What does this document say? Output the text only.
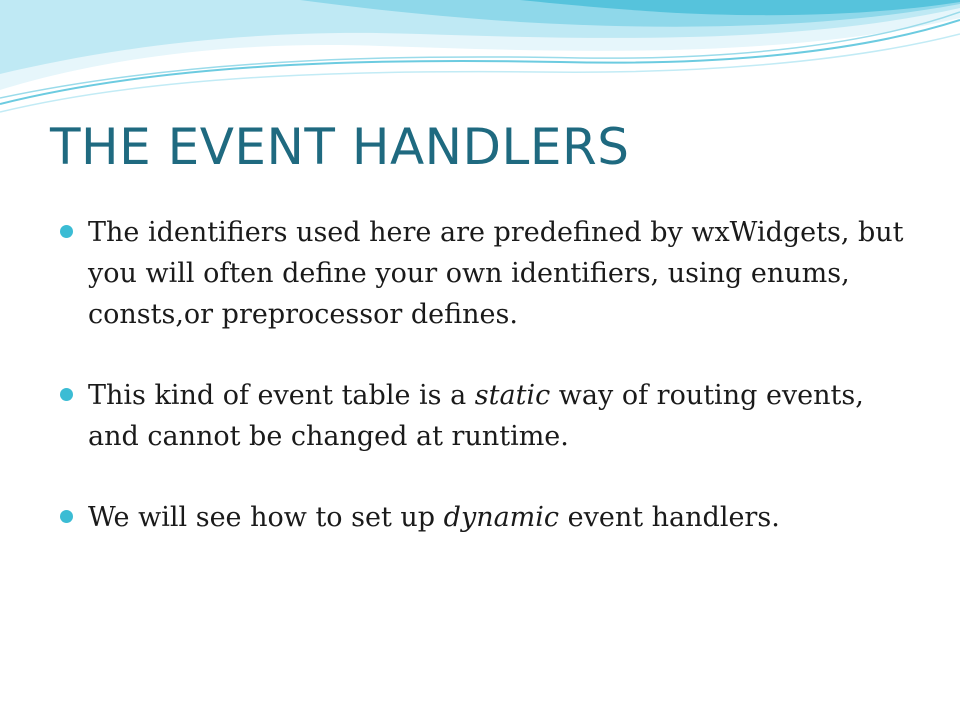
THE EVENT HANDLERS
The identifiers used here are predefined by wxWidgets, but you will often define your own identifiers, using enums, consts,or preprocessor defines.
This kind of event table is a static way of routing events, and cannot be changed at runtime.
We will see how to set up dynamic event handlers.
